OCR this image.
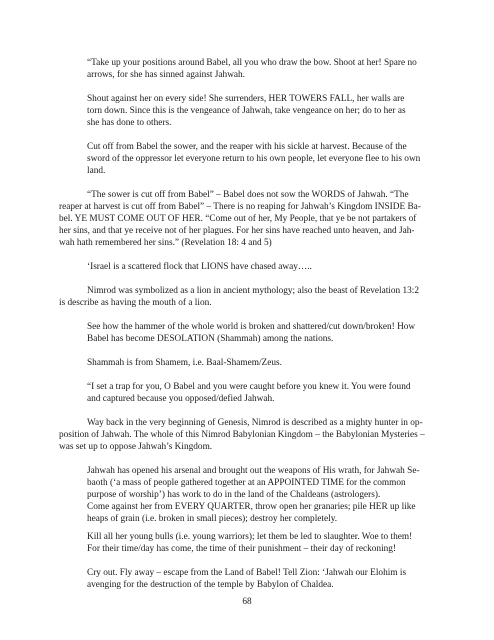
“Take up your positions around Babel, all you who draw the bow. Shoot at her! Spare no
arrows, for she has sinned against Jahwah.
Shout against her on every side! She surrenders, HER TOWERS FALL, her walls are
torn down. Since this is the vengeance of Jahwah, take vengeance on her; do to her as
she has done to others.
Cut off from Babel the sower, and the reaper with his sickle at harvest. Because of the
sword of the oppressor let everyone return to his own people, let everyone flee to his own
land.
“The sower is cut off from Babel” – Babel does not sow the WORDS of Jahwah. “The
reaper at harvest is cut off from Babel” – There is no reaping for Jahwah’s Kingdom INSIDE Ba-
bel. YE MUST COME OUT OF HER. “Come out of her, My People, that ye be not partakers of
her sins, and that ye receive not of her plagues. For her sins have reached unto heaven, and Jah-
wah hath remembered her sins.” (Revelation 18: 4 and 5)
‘Israel is a scattered flock that LIONS have chased away…..
Nimrod was symbolized as a lion in ancient mythology; also the beast of Revelation 13:2
is describe as having the mouth of a lion.
See how the hammer of the whole world is broken and shattered/cut down/broken! How
Babel has become DESOLATION (Shammah) among the nations.
Shammah is from Shamem, i.e. Baal-Shamem/Zeus.
“I set a trap for you, O Babel and you were caught before you knew it. You were found
and captured because you opposed/defied Jahwah.
Way back in the very beginning of Genesis, Nimrod is described as a mighty hunter in op-
position of Jahwah. The whole of this Nimrod Babylonian Kingdom – the Babylonian Mysteries –
was set up to oppose Jahwah’s Kingdom.
Jahwah has opened his arsenal and brought out the weapons of His wrath, for Jahwah Se-
baoth (‘a mass of people gathered together at an APPOINTED TIME for the common
purpose of worship’) has work to do in the land of the Chaldeans (astrologers).
Come against her from EVERY QUARTER, throw open her granaries; pile HER up like
heaps of grain (i.e. broken in small pieces); destroy her completely.
Kill all her young bulls (i.e. young warriors); let them be led to slaughter. Woe to them!
For their time/day has come, the time of their punishment – their day of reckoning!
Cry out. Fly away – escape from the Land of Babel! Tell Zion: ‘Jahwah our Elohim is
avenging for the destruction of the temple by Babylon of Chaldea.
68
